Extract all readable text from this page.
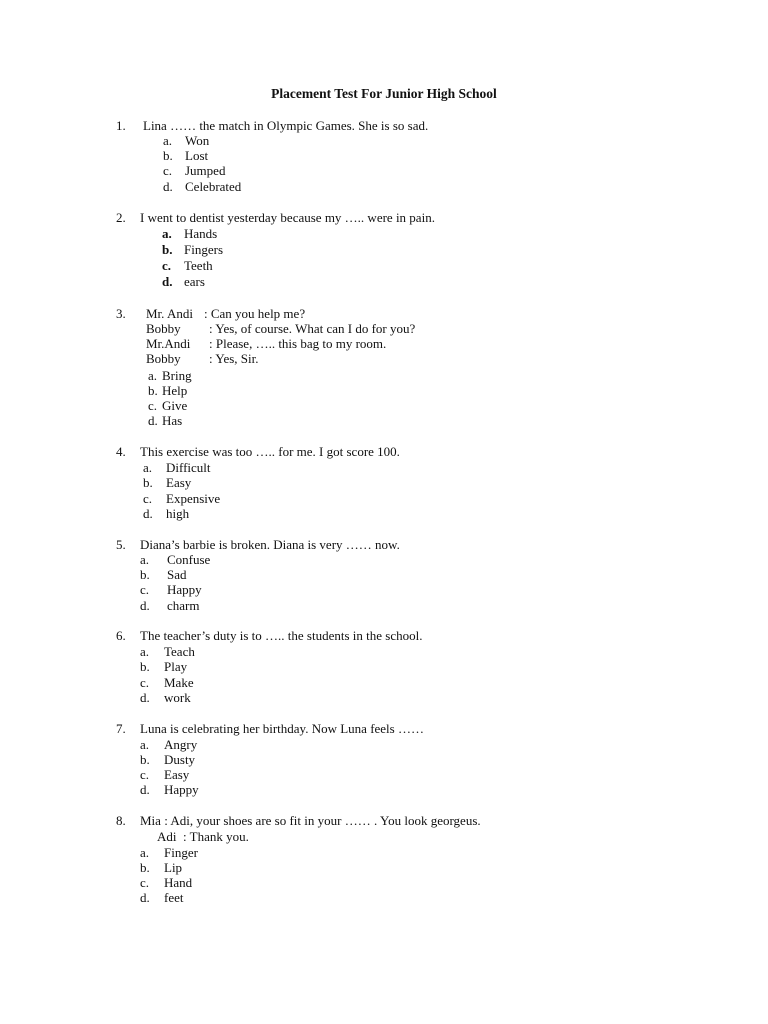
Placement Test For Junior High School
1. Lina …… the match in Olympic Games. She is so sad.
a. Won
b. Lost
c. Jumped
d. Celebrated
2. I went to dentist yesterday because my ….. were in pain.
a. Hands
b. Fingers
c. Teeth
d. ears
3. Mr. Andi : Can you help me?
Bobby : Yes, of course. What can I do for you?
Mr.Andi : Please, ….. this bag to my room.
Bobby : Yes, Sir.
a. Bring
b. Help
c. Give
d. Has
4. This exercise was too ….. for me. I got score 100.
a. Difficult
b. Easy
c. Expensive
d. high
5. Diana’s barbie is broken. Diana is very …… now.
a. Confuse
b. Sad
c. Happy
d. charm
6. The teacher’s duty is to ….. the students in the school.
a. Teach
b. Play
c. Make
d. work
7. Luna is celebrating her birthday. Now Luna feels ……
a. Angry
b. Dusty
c. Easy
d. Happy
8. Mia : Adi, your shoes are so fit in your …… . You look georgeus.
Adi  : Thank you.
a. Finger
b. Lip
c. Hand
d. feet
